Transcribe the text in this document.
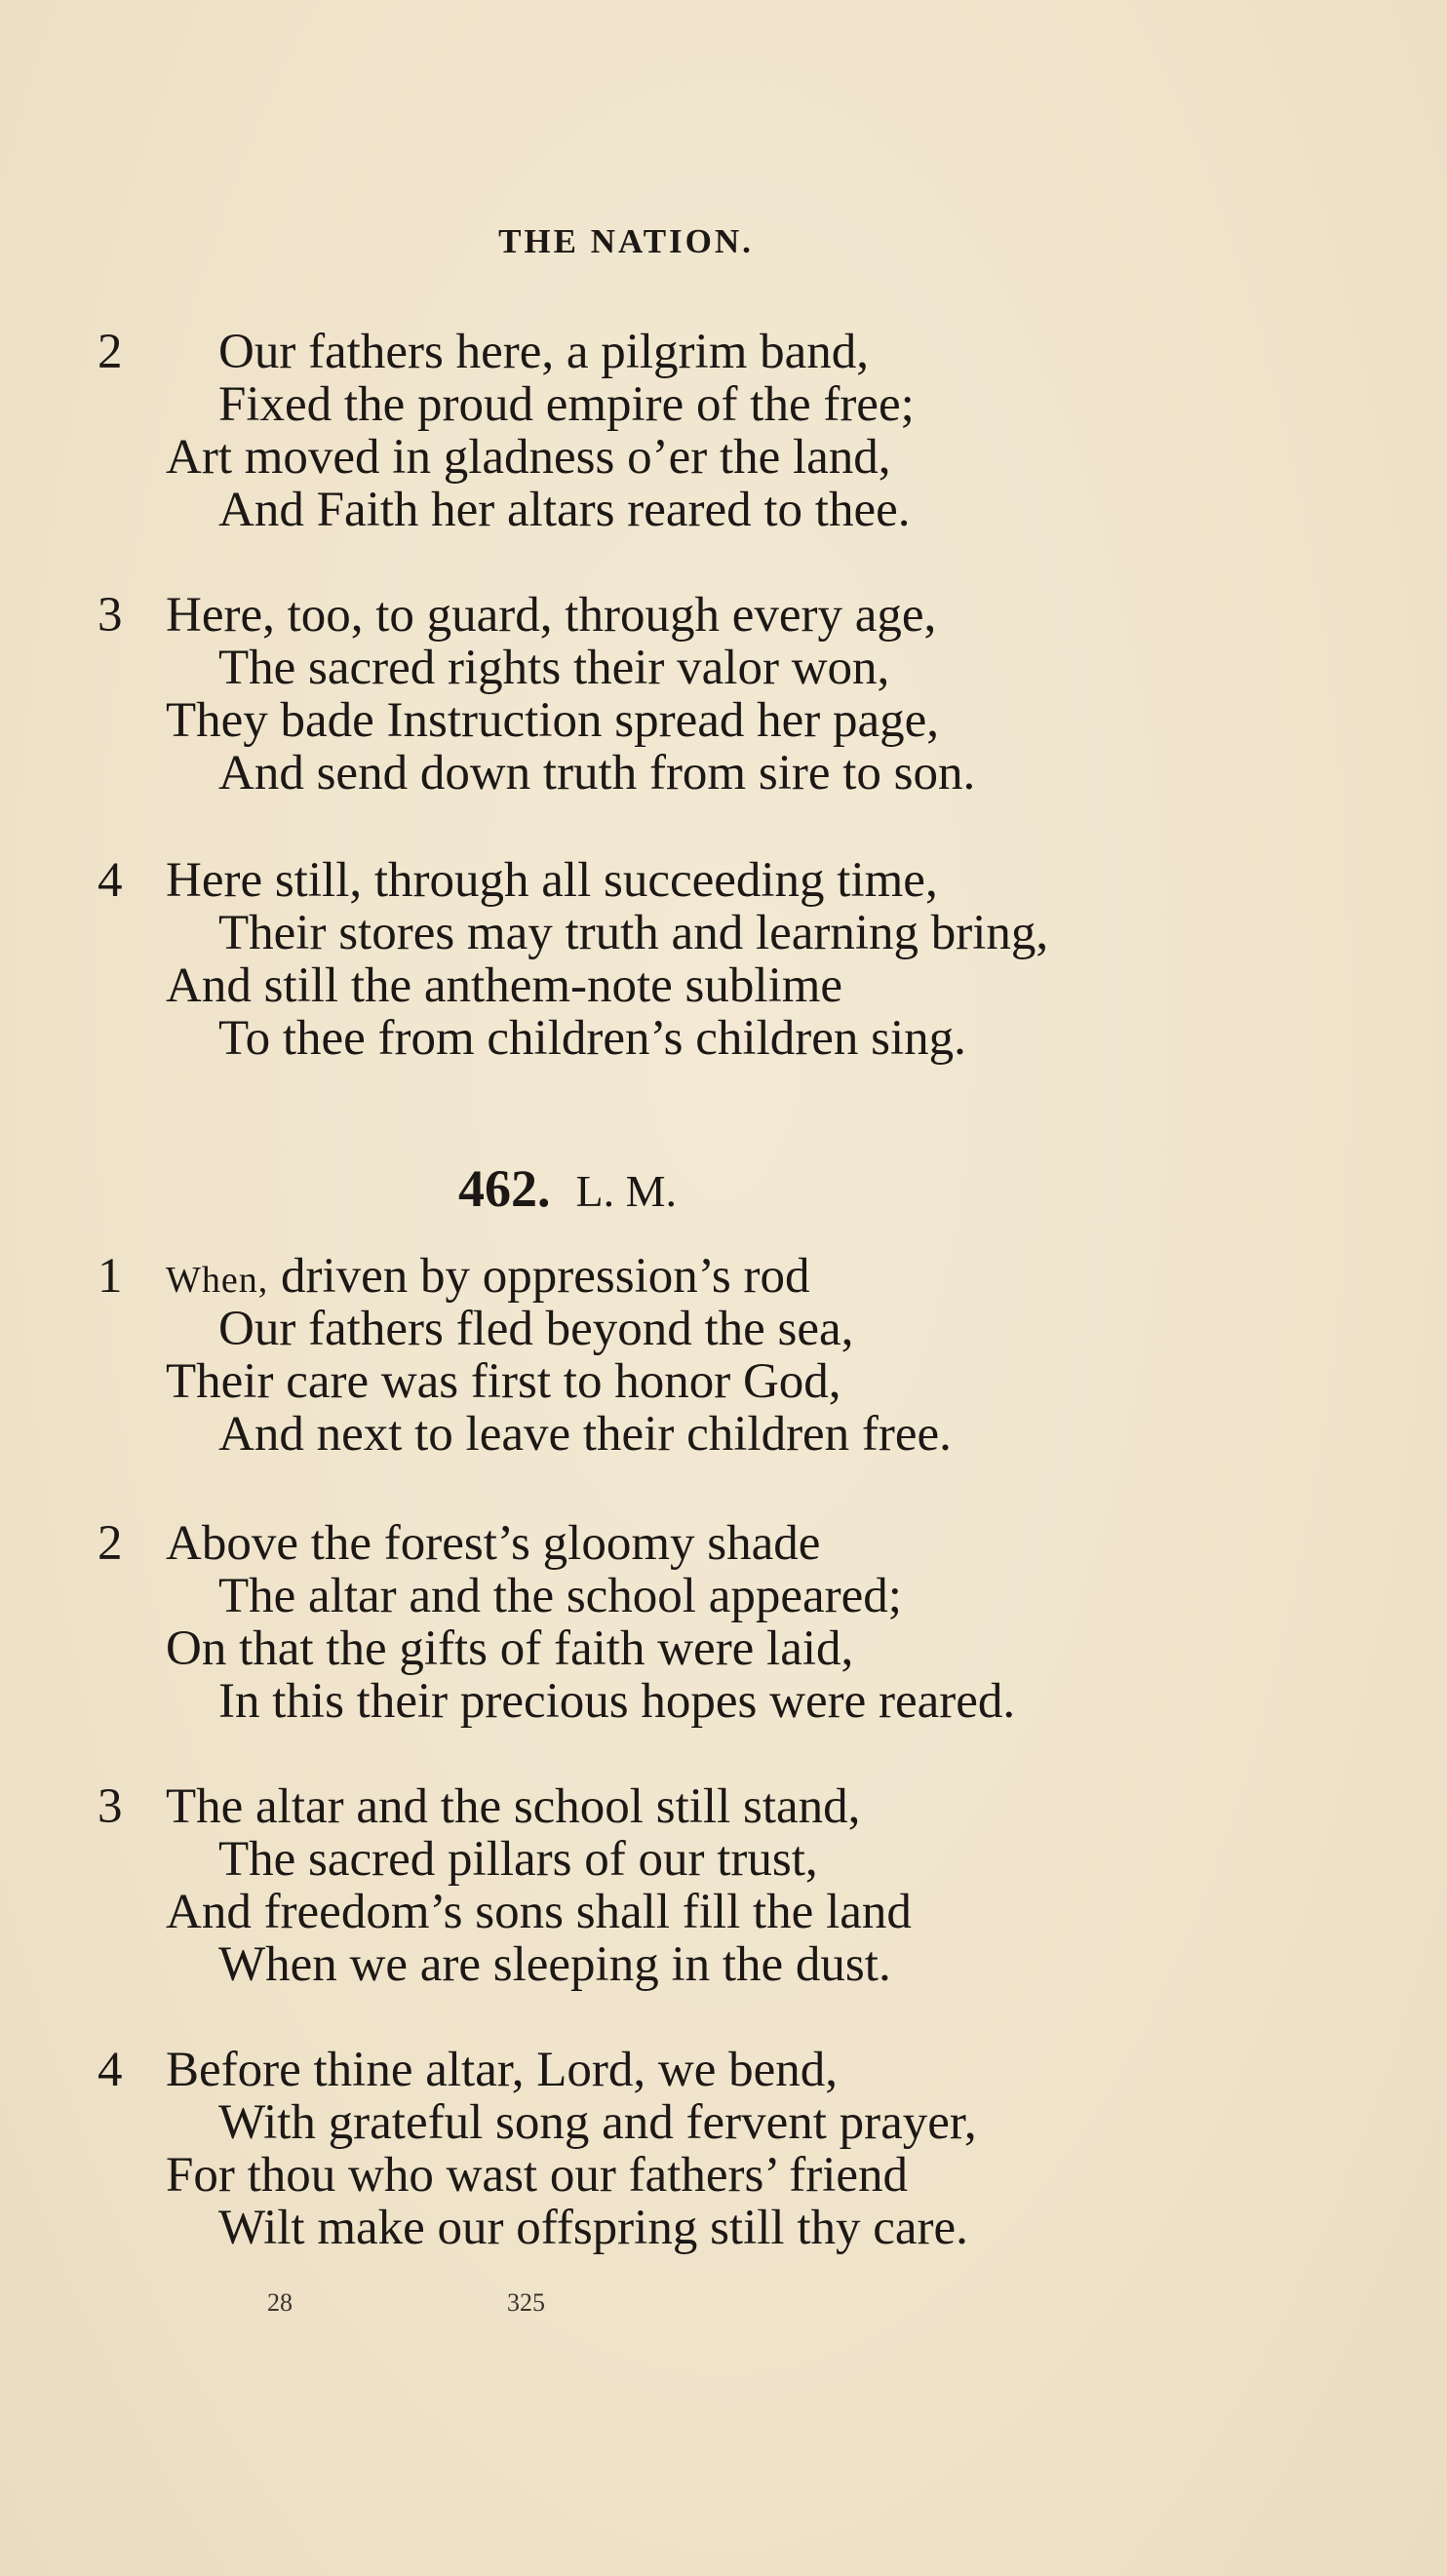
THE NATION.
2 Our fathers here, a pilgrim band,
Fixed the proud empire of the free;
Art moved in gladness o’er the land,
And Faith her altars reared to thee.
3 Here, too, to guard, through every age,
The sacred rights their valor won,
They bade Instruction spread her page,
And send down truth from sire to son.
4 Here still, through all succeeding time,
Their stores may truth and learning bring,
And still the anthem-note sublime
To thee from children’s children sing.
462. L. M.
1 When, driven by oppression’s rod
Our fathers fled beyond the sea,
Their care was first to honor God,
And next to leave their children free.
2 Above the forest’s gloomy shade
The altar and the school appeared;
On that the gifts of faith were laid,
In this their precious hopes were reared.
3 The altar and the school still stand,
The sacred pillars of our trust,
And freedom’s sons shall fill the land
When we are sleeping in the dust.
4 Before thine altar, Lord, we bend,
With grateful song and fervent prayer,
For thou who wast our fathers’ friend
Wilt make our offspring still thy care.
28	325
